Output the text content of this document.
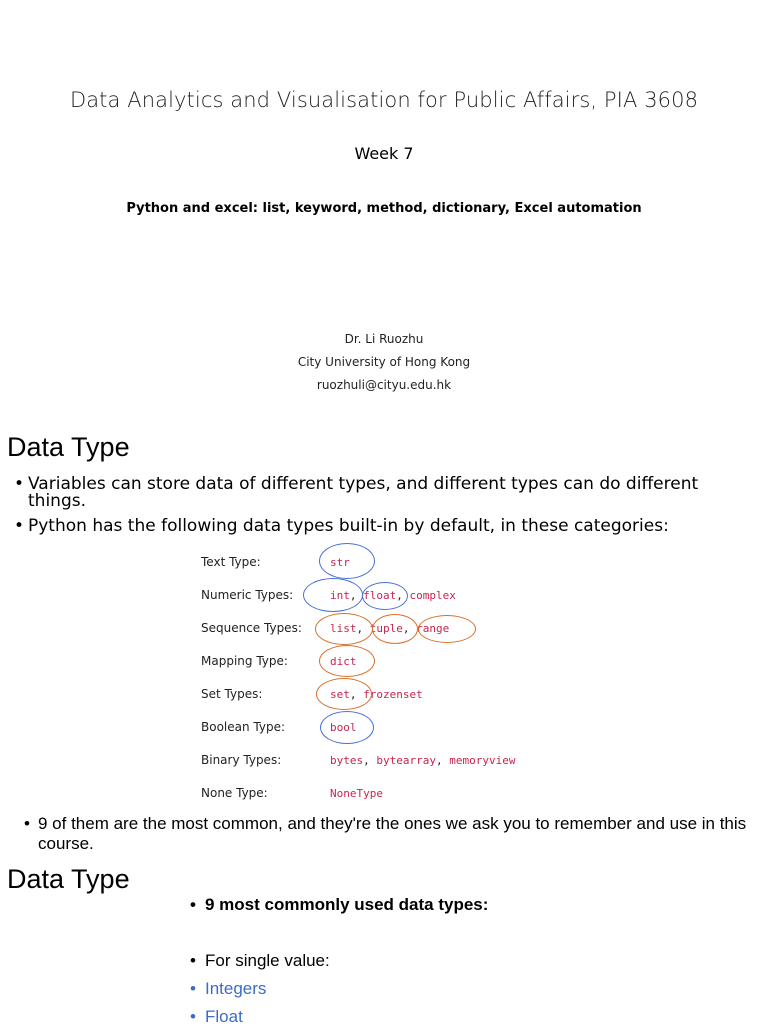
Data Analytics and Visualisation for Public Affairs, PIA 3608
Week 7
Python and excel: list, keyword, method, dictionary, Excel automation
Dr. Li Ruozhu
City University of Hong Kong
ruozhuli@cityu.edu.hk
Data Type
• Variables can store data of different types, and different types can do different things.
• Python has the following data types built-in by default, in these categories:
Text Type:	str
Numeric Types:	int, float, complex
Sequence Types:	list, tuple, range
Mapping Type:	dict
Set Types:	set, frozenset
Boolean Type:	bool
Binary Types:	bytes, bytearray, memoryview
None Type:	NoneType
• 9 of them are the most common, and they're the ones we ask you to remember and use in this course.
Data Type
• 9 most commonly used data types:
• For single value:
• Integers
• Float
